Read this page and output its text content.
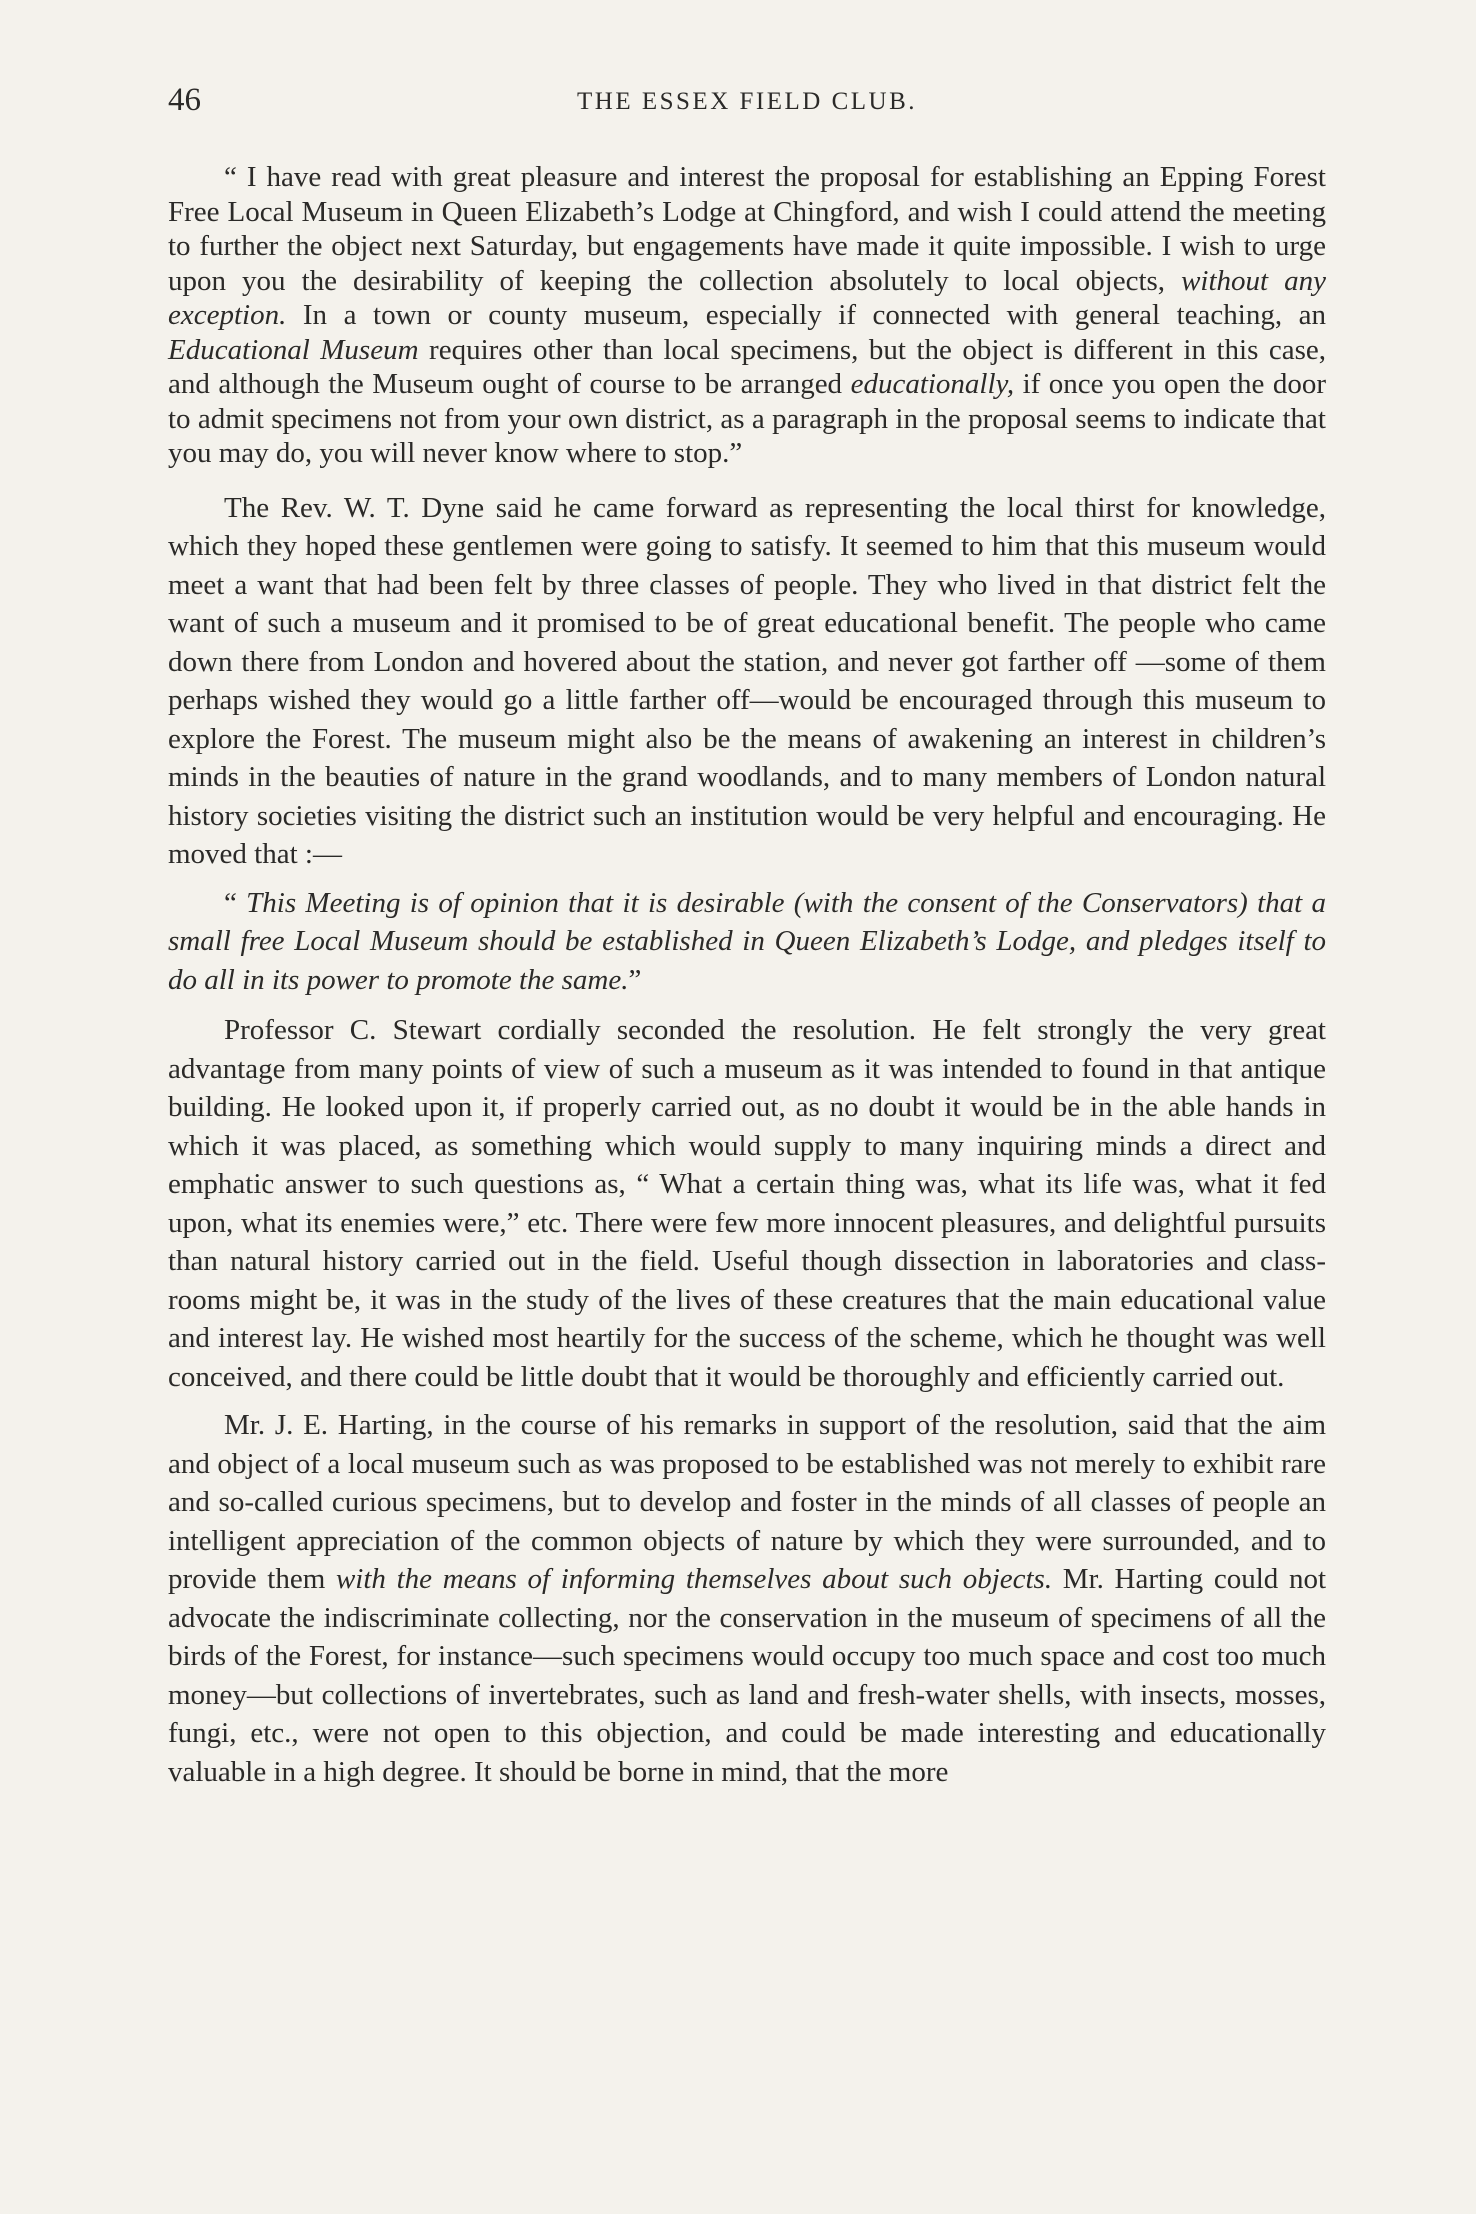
46	THE ESSEX FIELD CLUB.

“ I have read with great pleasure and interest the proposal for establishing an Epping Forest Free Local Museum in Queen Elizabeth’s Lodge at Chingford, and wish I could attend the meeting to further the object next Saturday, but engagements have made it quite impossible. I wish to urge upon you the desirability of keeping the collection absolutely to local objects, without any exception. In a town or county museum, especially if connected with general teaching, an Educational Museum requires other than local specimens, but the object is different in this case, and although the Museum ought of course to be arranged educationally, if once you open the door to admit specimens not from your own district, as a paragraph in the proposal seems to indicate that you may do, you will never know where to stop.”

The Rev. W. T. Dyne said he came forward as representing the local thirst for knowledge, which they hoped these gentlemen were going to satisfy. It seemed to him that this museum would meet a want that had been felt by three classes of people. They who lived in that district felt the want of such a museum and it promised to be of great educational benefit. The people who came down there from London and hovered about the station, and never got farther off —some of them perhaps wished they would go a little farther off—would be encouraged through this museum to explore the Forest. The museum might also be the means of awakening an interest in children’s minds in the beauties of nature in the grand woodlands, and to many members of London natural history societies visiting the district such an institution would be very helpful and encouraging. He moved that :—

“ This Meeting is of opinion that it is desirable (with the consent of the Conservators) that a small free Local Museum should be established in Queen Elizabeth’s Lodge, and pledges itself to do all in its power to promote the same.”

Professor C. Stewart cordially seconded the resolution. He felt strongly the very great advantage from many points of view of such a museum as it was intended to found in that antique building. He looked upon it, if properly carried out, as no doubt it would be in the able hands in which it was placed, as something which would supply to many inquiring minds a direct and emphatic answer to such questions as, “ What a certain thing was, what its life was, what it fed upon, what its enemies were,” etc. There were few more innocent pleasures, and delightful pursuits than natural history carried out in the field. Useful though dissection in laboratories and class-rooms might be, it was in the study of the lives of these creatures that the main educational value and interest lay. He wished most heartily for the success of the scheme, which he thought was well conceived, and there could be little doubt that it would be thoroughly and efficiently carried out.

Mr. J. E. Harting, in the course of his remarks in support of the resolution, said that the aim and object of a local museum such as was proposed to be established was not merely to exhibit rare and so-called curious specimens, but to develop and foster in the minds of all classes of people an intelligent appreciation of the common objects of nature by which they were surrounded, and to provide them with the means of informing themselves about such objects. Mr. Harting could not advocate the indiscriminate collecting, nor the conservation in the museum of specimens of all the birds of the Forest, for instance—such specimens would occupy too much space and cost too much money—but collections of invertebrates, such as land and fresh-water shells, with insects, mosses, fungi, etc., were not open to this objection, and could be made interesting and educationally valuable in a high degree. It should be borne in mind, that the more
